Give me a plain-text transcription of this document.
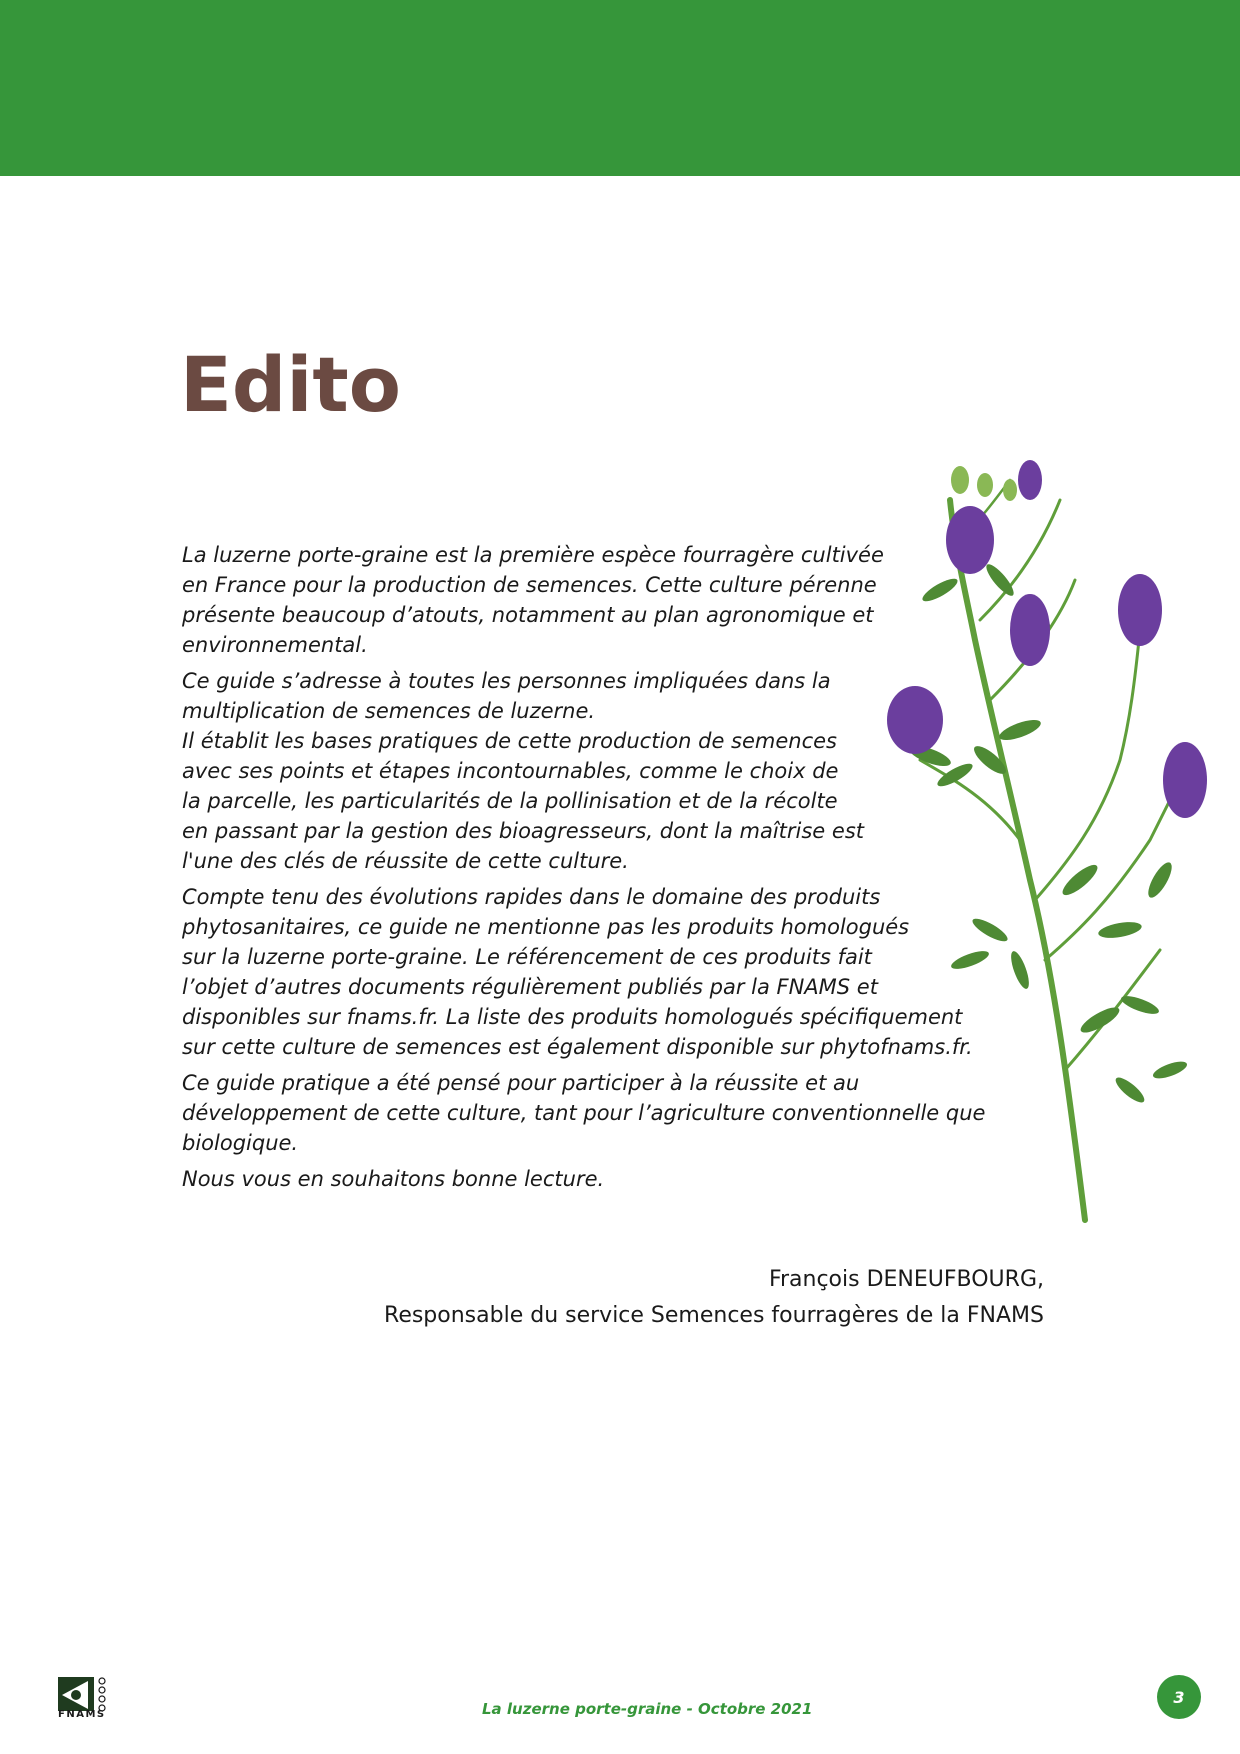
Edito

La luzerne porte-graine est la première espèce fourragère cultivée
en France pour la production de semences. Cette culture pérenne
présente beaucoup d’atouts, notamment au plan agronomique et
environnemental.

Ce guide s’adresse à toutes les personnes impliquées dans la
multiplication de semences de luzerne.
Il établit les bases pratiques de cette production de semences
avec ses points et étapes incontournables, comme le choix de
la parcelle, les particularités de la pollinisation et de la récolte
en passant par la gestion des bioagresseurs, dont la maîtrise est
l'une des clés de réussite de cette culture.

Compte tenu des évolutions rapides dans le domaine des produits
phytosanitaires, ce guide ne mentionne pas les produits homologués
sur la luzerne porte-graine. Le référencement de ces produits fait
l’objet d’autres documents régulièrement publiés par la FNAMS et
disponibles sur fnams.fr. La liste des produits homologués spécifiquement
sur cette culture de semences est également disponible sur phytofnams.fr.

Ce guide pratique a été pensé pour participer à la réussite et au
développement de cette culture, tant pour l’agriculture conventionnelle que
biologique.

Nous vous en souhaitons bonne lecture.

François DENEUFBOURG,
Responsable du service Semences fourragères de la FNAMS
FNAMS	La luzerne porte-graine - Octobre 2021
3
